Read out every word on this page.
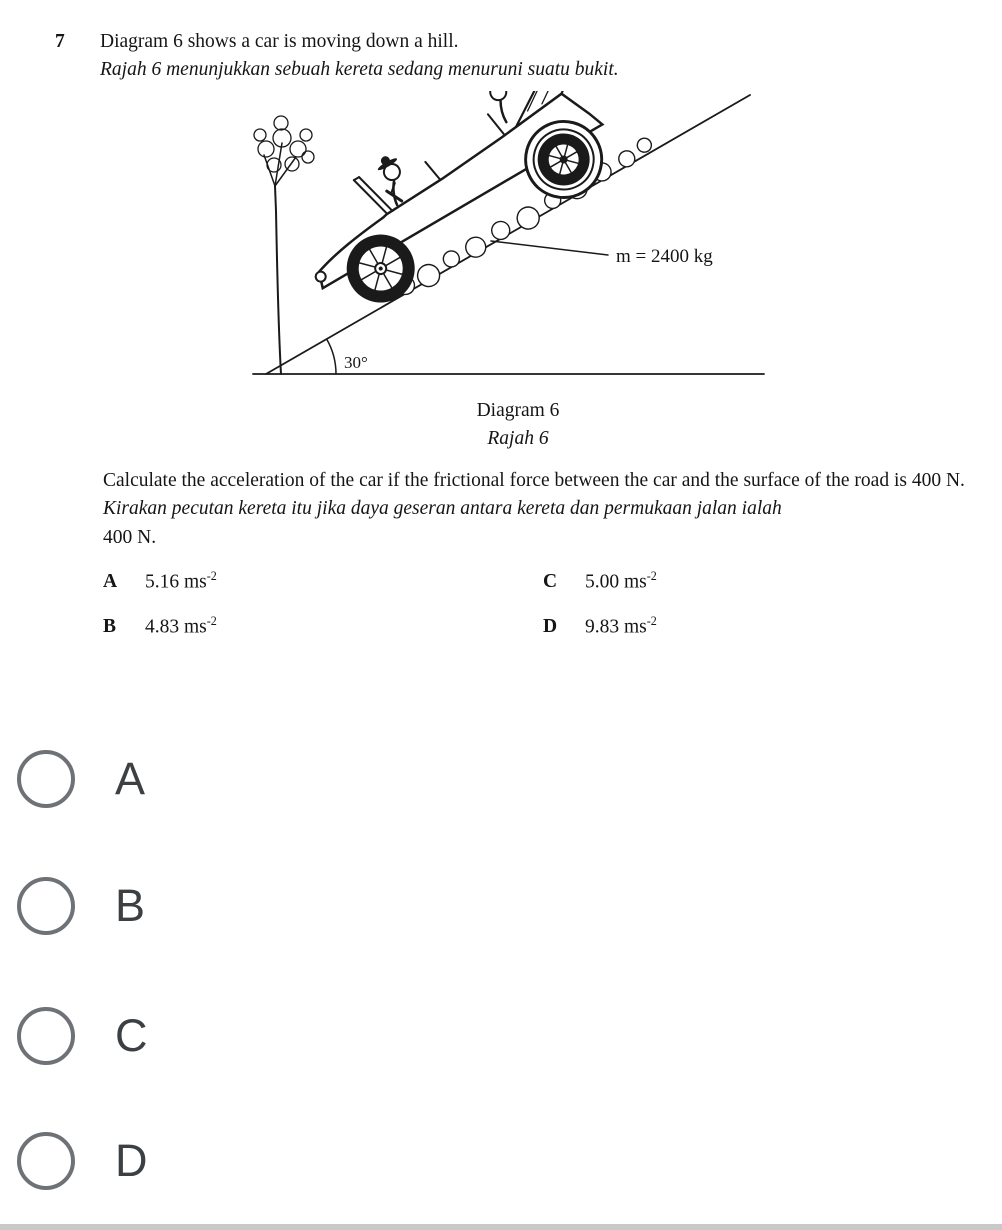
7	Diagram 6 shows a car is moving down a hill.
Rajah 6 menunjukkan sebuah kereta sedang menuruni suatu bukit.
30°
m = 2400 kg
Diagram 6
Rajah 6

Calculate the acceleration of the car if the frictional force between the car and the surface of the road is 400 N.

Kirakan pecutan kereta itu jika daya geseran antara kereta dan permukaan jalan ialah

400 N.

A	5.16 $ms^{-2}$	C	5.00 $ms^{-2}$
B	4.83 $ms^{-2}$	D	9.83 $ms^{-2}$
A
B
C
D
